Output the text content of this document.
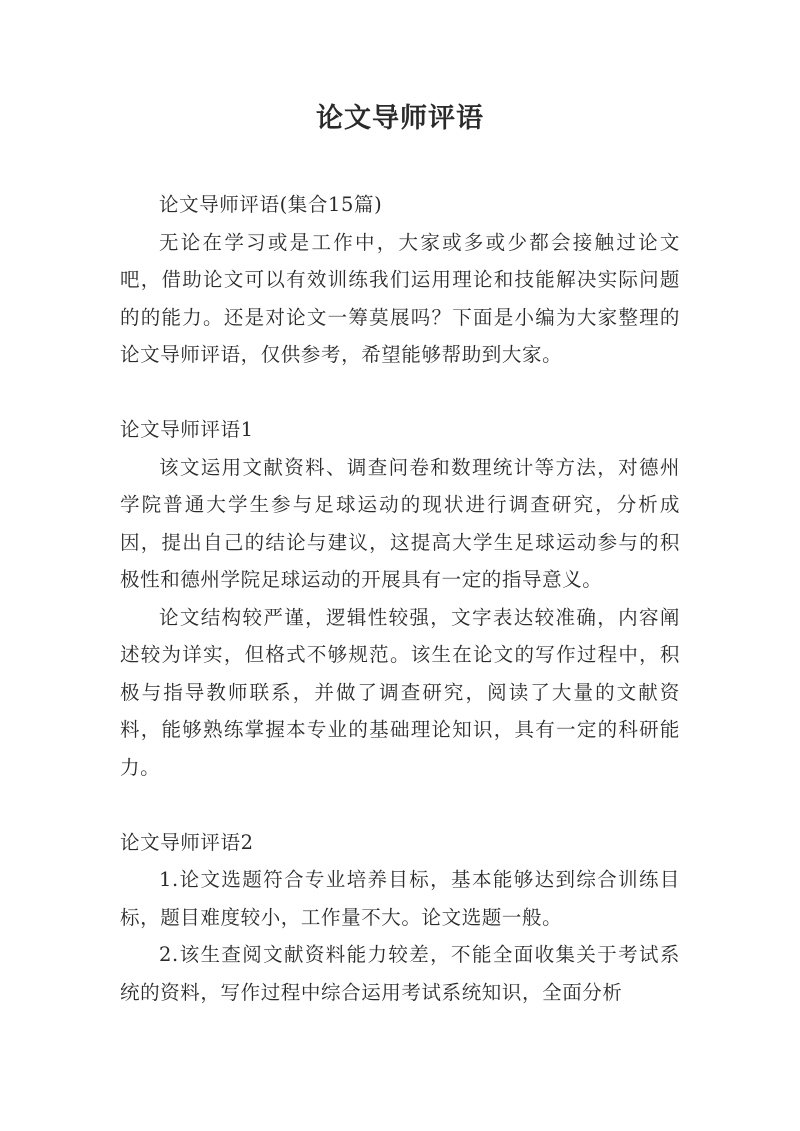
论文导师评语

论文导师评语(集合15篇)

无论在学习或是工作中，大家或多或少都会接触过论文吧，借助论文可以有效训练我们运用理论和技能解决实际问题的的能力。还是对论文一筹莫展吗？下面是小编为大家整理的论文导师评语，仅供参考，希望能够帮助到大家。

论文导师评语1

该文运用文献资料、调查问卷和数理统计等方法，对德州学院普通大学生参与足球运动的现状进行调查研究，分析成因，提出自己的结论与建议，这提高大学生足球运动参与的积极性和德州学院足球运动的开展具有一定的指导意义。

论文结构较严谨，逻辑性较强，文字表达较准确，内容阐述较为详实，但格式不够规范。该生在论文的写作过程中，积极与指导教师联系，并做了调查研究，阅读了大量的文献资料，能够熟练掌握本专业的基础理论知识，具有一定的科研能力。

论文导师评语2

1.论文选题符合专业培养目标，基本能够达到综合训练目标，题目难度较小，工作量不大。论文选题一般。

2.该生查阅文献资料能力较差，不能全面收集关于考试系统的资料，写作过程中综合运用考试系统知识，全面分析
